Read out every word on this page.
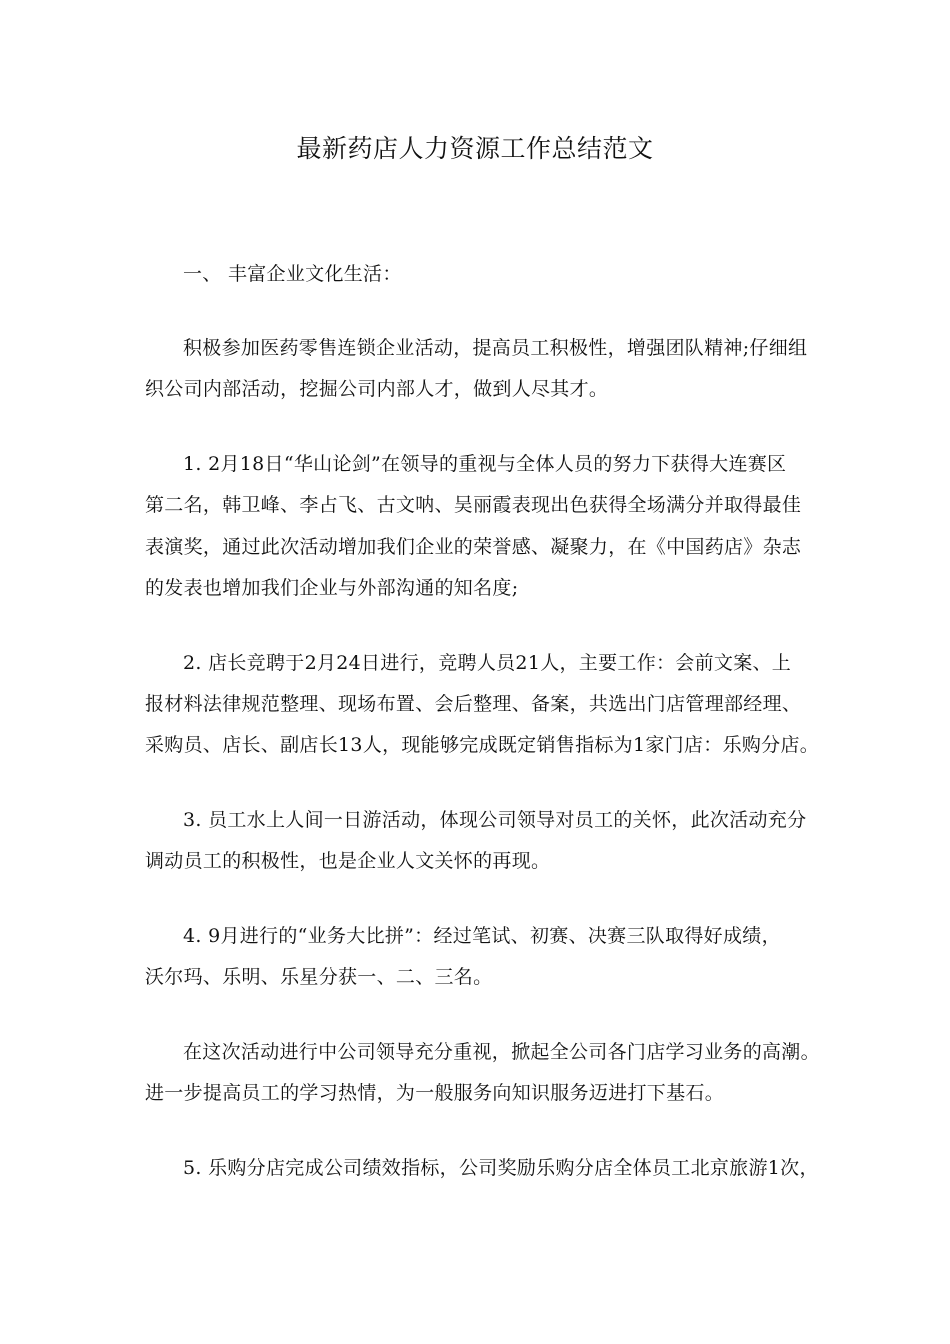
最新药店人力资源工作总结范文
一、 丰富企业文化生活：
积极参加医药零售连锁企业活动，提高员工积极性，增强团队精神;仔细组
织公司内部活动，挖掘公司内部人才，做到人尽其才。
1. 2月18日“华山论剑”在领导的重视与全体人员的努力下获得大连赛区
第二名，韩卫峰、李占飞、古文呐、吴丽霞表现出色获得全场满分并取得最佳
表演奖，通过此次活动增加我们企业的荣誉感、凝聚力，在《中国药店》杂志
的发表也增加我们企业与外部沟通的知名度;
2. 店长竞聘于2月24日进行，竞聘人员21人，主要工作：会前文案、上
报材料法律规范整理、现场布置、会后整理、备案，共选出门店管理部经理、
采购员、店长、副店长13人，现能够完成既定销售指标为1家门店：乐购分店。
3. 员工水上人间一日游活动，体现公司领导对员工的关怀，此次活动充分
调动员工的积极性，也是企业人文关怀的再现。
4. 9月进行的“业务大比拼”：经过笔试、初赛、决赛三队取得好成绩，
沃尔玛、乐明、乐星分获一、二、三名。
在这次活动进行中公司领导充分重视，掀起全公司各门店学习业务的高潮。
进一步提高员工的学习热情，为一般服务向知识服务迈进打下基石。
5. 乐购分店完成公司绩效指标，公司奖励乐购分店全体员工北京旅游1次，
